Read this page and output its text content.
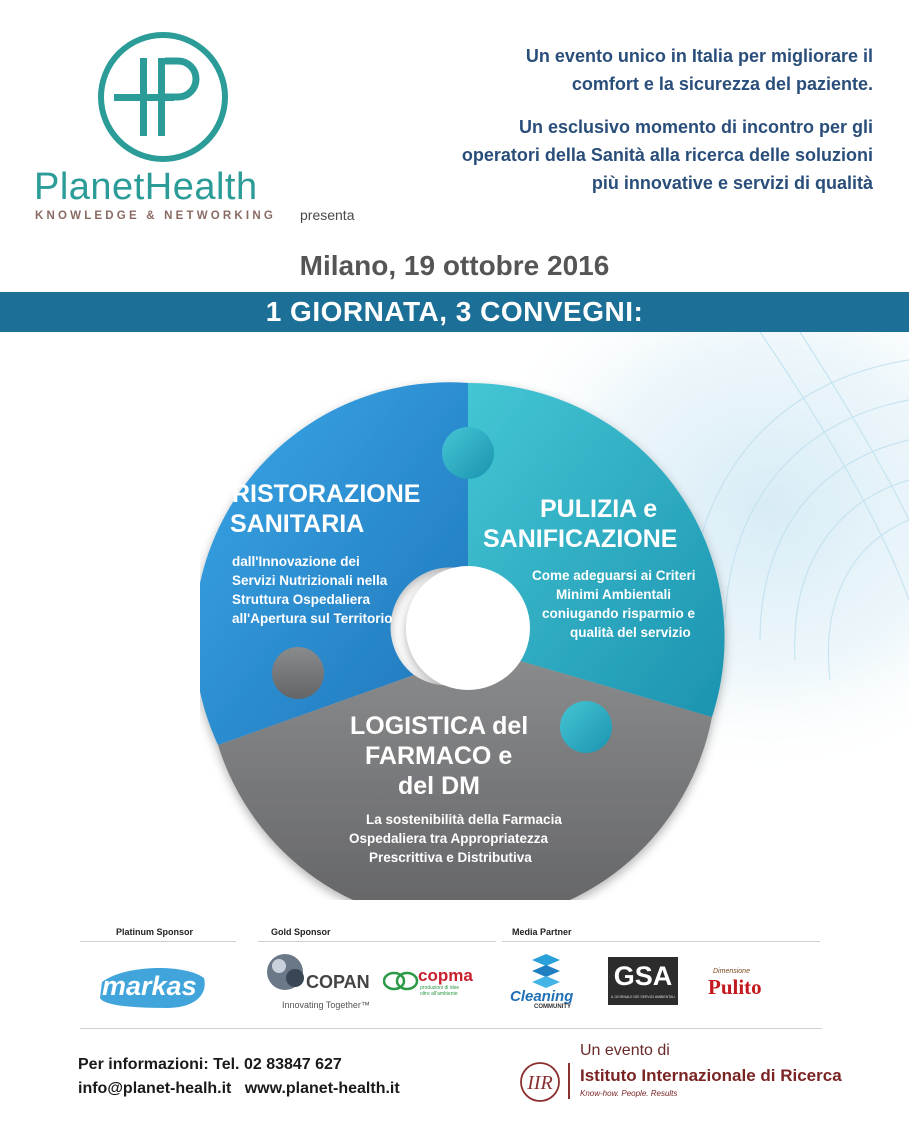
PlanetHealth
KNOWLEDGE & NETWORKING presenta
Un evento unico in Italia per migliorare il
comfort e la sicurezza del paziente.
Un esclusivo momento di incontro per gli
operatori della Sanità alla ricerca delle soluzioni
più innovative e servizi di qualità
Milano, 19 ottobre 2016
1 GIORNATA, 3 CONVEGNI:
RISTORAZIONE
SANITARIA
dall'Innovazione dei
Servizi Nutrizionali nella
Struttura Ospedaliera
all'Apertura sul Territorio
PULIZIA e
SANIFICAZIONE
Come adeguarsi ai Criteri
Minimi Ambientali
coniugando risparmio e
qualità del servizio
LOGISTICA del
FARMACO e
del DM
La sostenibilità della Farmacia
Ospedaliera tra Appropriatezza
Prescrittiva e Distributiva
Platinum Sponsor	Gold Sponsor	Media Partner
markas	COPAN
Innovating Together™
copma
produzioni di idee
oltre all'ambiente	Cleaning
COMMUNITY
GSA
IL GIORNALE DEI SERVIZI AMBIENTALI
Dimensione
Pulito
Per informazioni: Tel. 02 83847 627
info@planet-healh.it   www.planet-health.it
Un evento di
IIR Istituto Internazionale di Ricerca
Know-how. People. Results
